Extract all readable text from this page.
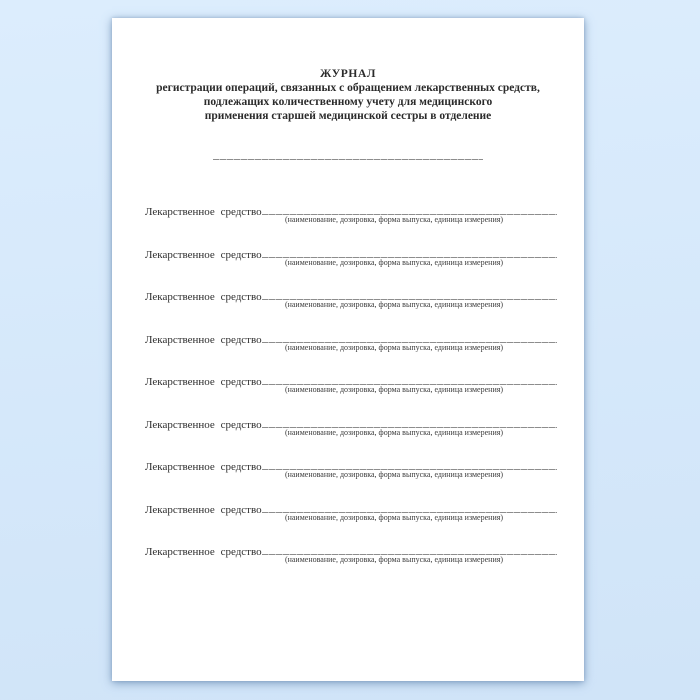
ЖУРНАЛ
регистрации операций, связанных с обращением лекарственных средств,
подлежащих количественному учету для медицинского
применения старшей медицинской сестры в отделение
Лекарственное средство
(наименование, дозировка, форма выпуска, единица измерения)
Лекарственное средство
(наименование, дозировка, форма выпуска, единица измерения)
Лекарственное средство
(наименование, дозировка, форма выпуска, единица измерения)
Лекарственное средство
(наименование, дозировка, форма выпуска, единица измерения)
Лекарственное средство
(наименование, дозировка, форма выпуска, единица измерения)
Лекарственное средство
(наименование, дозировка, форма выпуска, единица измерения)
Лекарственное средство
(наименование, дозировка, форма выпуска, единица измерения)
Лекарственное средство
(наименование, дозировка, форма выпуска, единица измерения)
Лекарственное средство
(наименование, дозировка, форма выпуска, единица измерения)
